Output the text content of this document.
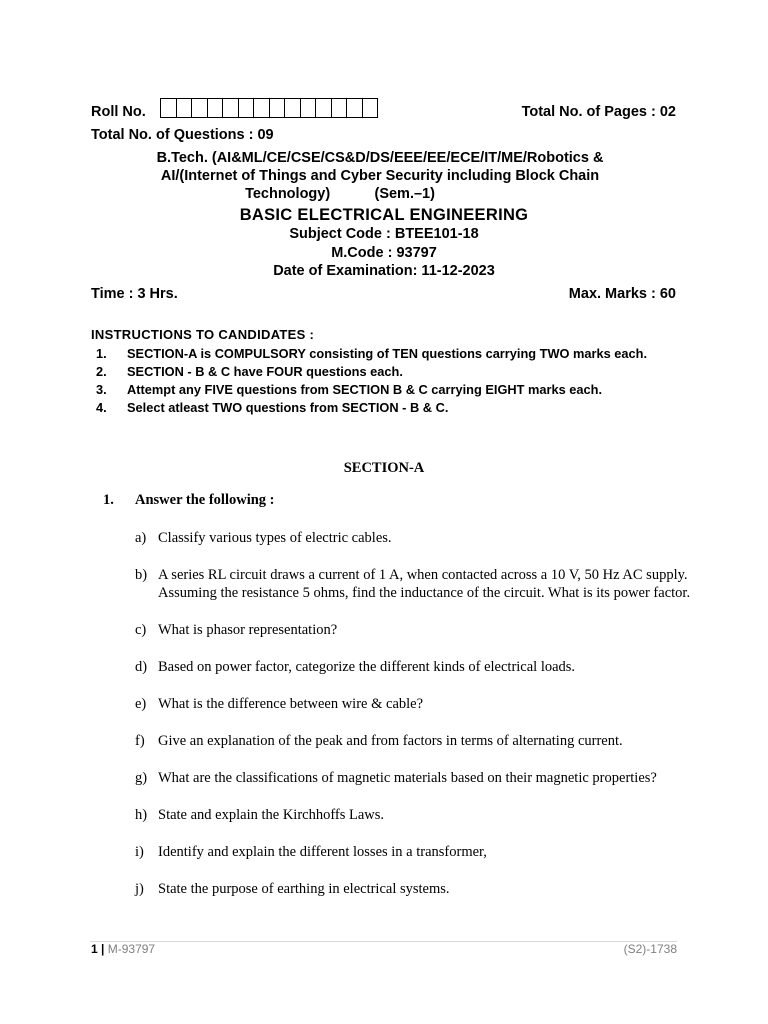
Roll No.	Total No. of Pages : 02
Total No. of Questions : 09
B.Tech. (AI&ML/CE/CSE/CS&D/DS/EEE/EE/ECE/IT/ME/Robotics &
AI/(Internet of Things and Cyber Security including Block Chain
Technology)           (Sem.–1)
BASIC ELECTRICAL ENGINEERING
Subject Code : BTEE101-18
M.Code : 93797
Date of Examination: 11-12-2023
Time : 3 Hrs.	Max. Marks : 60
INSTRUCTIONS TO CANDIDATES :
1.	SECTION-A is COMPULSORY consisting of TEN questions carrying TWO marks each.
2.	SECTION - B & C have FOUR questions each.
3.	Attempt any FIVE questions from SECTION B & C carrying EIGHT marks each.
4.	Select atleast TWO questions from SECTION - B & C.
SECTION-A
1. Answer the following :
a) Classify various types of electric cables.
b) A series RL circuit draws a current of 1 A, when contacted across a 10 V, 50 Hz AC supply. Assuming the resistance 5 ohms, find the inductance of the circuit. What is its power factor.
c) What is phasor representation?
d) Based on power factor, categorize the different kinds of electrical loads.
e) What is the difference between wire & cable?
f) Give an explanation of the peak and from factors in terms of alternating current.
g) What are the classifications of magnetic materials based on their magnetic properties?
h) State and explain the Kirchhoffs Laws.
i) Identify and explain the different losses in a transformer,
j) State the purpose of earthing in electrical systems.
1 | M-93797	(S2)-1738
